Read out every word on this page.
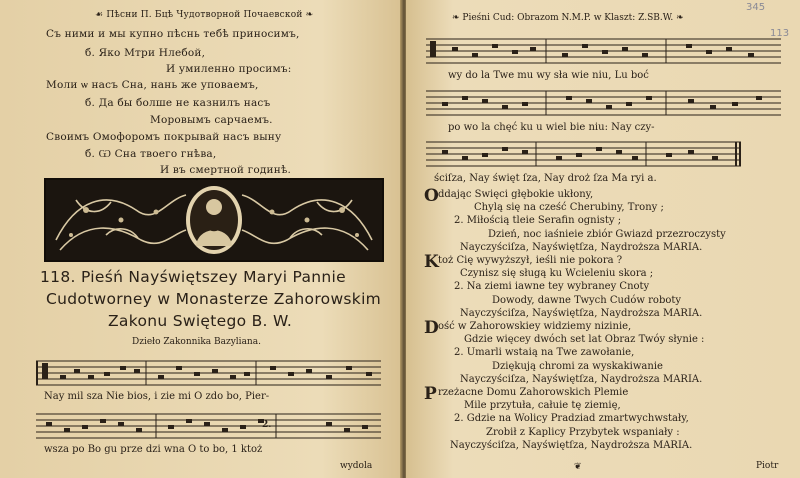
☙ Пѣсни П. Бцѣ Чудотворной Почаевской ❧
Съ ними и мы купно пѣснь тебѣ приносимъ,
б. Яко Мтри Нлебой,
И умиленно просимъ:
Моли ѡ насъ Сна, нань же уповаемъ,
б. Да бы болше не казнилъ насъ
Моровымъ сарчаемъ.
Своимъ Омофоромъ покрывай насъ выну
б. Ѡ Сна твоего гнѣва,
И въ смертной годинѣ.
118. Pieśń Nayświętszey Maryi Pannie
Cudotworney w Monasterze Zahorowskim
Zakonu Swiętego B. W.
Dzieło Zakonnika Bazyliana.
Nay mil sza Nie bios, i zie mi O zdo bo, Pier-
2.
wsza po Bo gu prze dzi wna O to bo, 1 ktoż
wydola
❧ Pieśni Cud: Obrazom N.M.P. w Klaszt: Z.SB.W. ❧
345
113
wy do la Twe mu wy sła wie niu, Lu boć
po wo la chęć ku u wiel bie niu: Nay czy-
ściſza, Nay święt ſza, Nay droż ſza Ma ryi a.
O ddając Swięci głębokie ukłony,
Chylą się na cześć Cherubiny, Trony ;
2. Miłością tleie Serafin ognisty ;
Dzień, noc iaśnieie zbiór Gwiazd przezroczysty
Nayczyściſza, Nayświętſza, Naydroższa MARIA.
K toż Cię wywyższył, ieśli nie pokora ?
Czynisz się sługą ku Wcieleniu skora ;
2. Na ziemi iawne tey wybraney Cnoty
Dowody, dawne Twych Cudów roboty
Nayczyściſza, Nayświętſza, Naydroższa MARIA.
D ość w Zahorowskiey widziemy nizinie,
Gdzie więcey dwóch set lat Obraz Twóy słynie :
2. Umarli wstaią na Twe zawołanie,
Dziękują chromi za wyskakiwanie
Nayczyściſza, Nayświętſza, Naydroższa MARIA.
P rzeżacne Domu Zahorowskich Plemie
Mile przytuła, całuie tę ziemię,
2. Gdzie na Wolicy Pradziad zmartwychwstały,
Zrobił z Kaplicy Przybytek wspaniały :
Nayczyściſza, Nayświętſza, Naydroższa MARIA.
❦	Piotr
